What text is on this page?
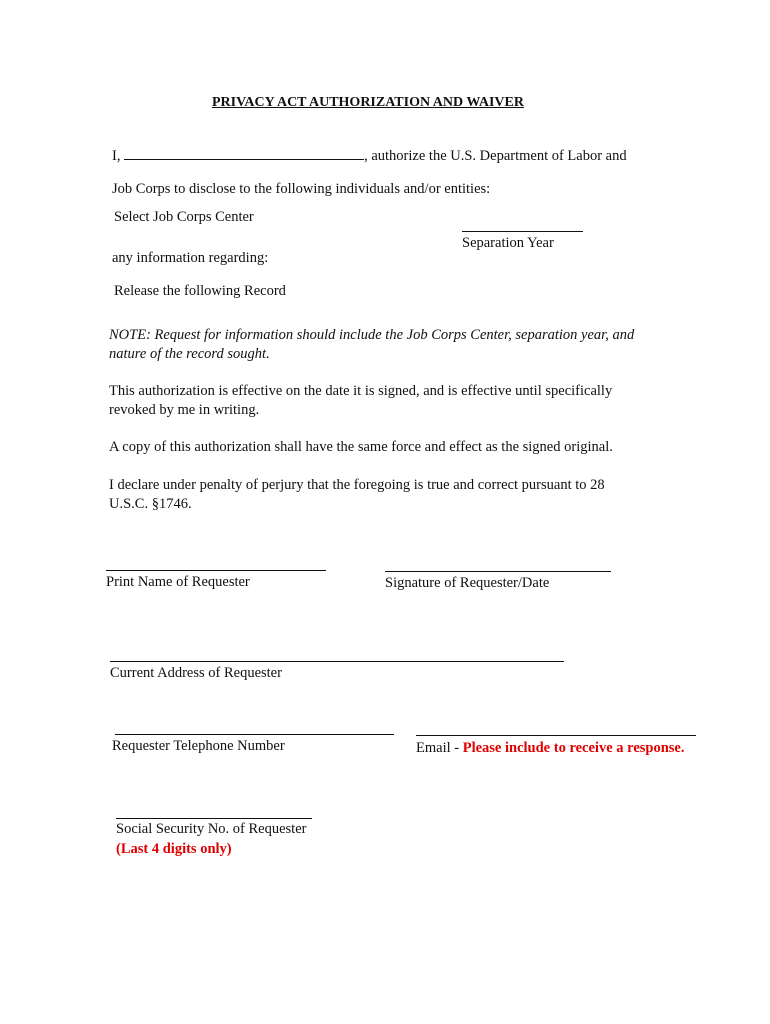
PRIVACY ACT AUTHORIZATION AND WAIVER
I,	, authorize the U.S. Department of Labor and
Job Corps to disclose to the following individuals and/or entities:
Select Job Corps Center
Separation Year
any information regarding:
Release the following Record
NOTE: Request for information should include the Job Corps Center, separation year, and nature of the record sought.
This authorization is effective on the date it is signed, and is effective until specifically revoked by me in writing.
A copy of this authorization shall have the same force and effect as the signed original.
I declare under penalty of perjury that the foregoing is true and correct pursuant to 28 U.S.C. §1746.
Print Name of Requester	Signature of Requester/Date
Current Address of Requester
Requester Telephone Number	Email - Please include to receive a response.
Social Security No. of Requester
(Last 4 digits only)
